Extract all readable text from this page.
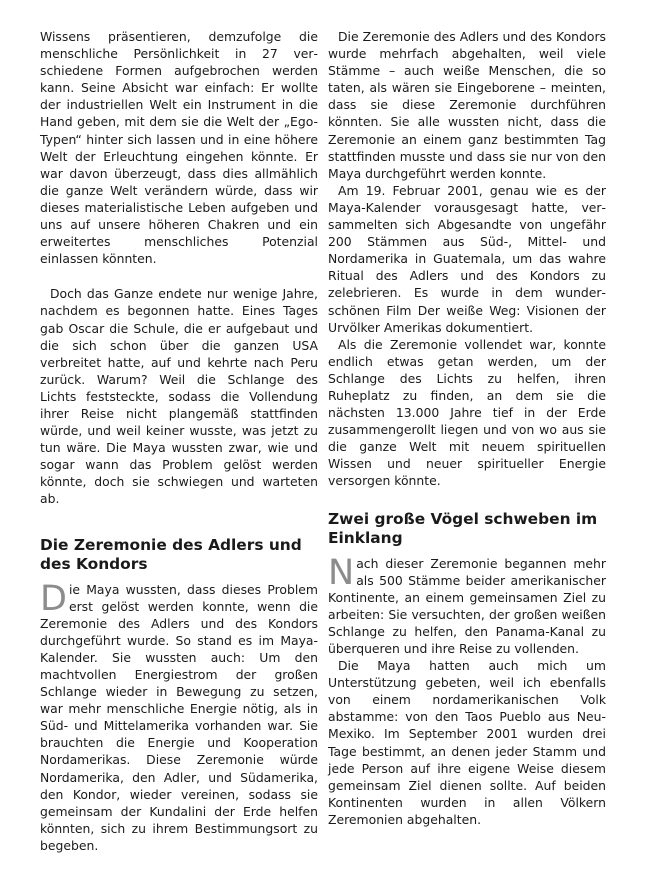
Wissens präsentieren, demzufolge die menschliche Persönlichkeit in 27 verschiedene Formen aufgebrochen werden kann. Seine Absicht war einfach: Er wollte der industriellen Welt ein Instrument in die Hand geben, mit dem sie die Welt der „Ego-Typen“ hinter sich lassen und in eine höhere Welt der Erleuchtung eingehen könnte. Er war davon überzeugt, dass dies allmählich die ganze Welt verändern würde, dass wir dieses materialistische Leben aufgeben und uns auf unsere höheren Chakren und ein erweitertes menschliches Potenzial einlassen könnten.

Doch das Ganze endete nur wenige Jahre, nachdem es begonnen hatte. Eines Tages gab Oscar die Schule, die er aufgebaut und die sich schon über die ganzen USA verbreitet hatte, auf und kehrte nach Peru zurück. Warum? Weil die Schlange des Lichts feststeckte, sodass die Vollendung ihrer Reise nicht plangemäß stattfinden würde, und weil keiner wusste, was jetzt zu tun wäre. Die Maya wussten zwar, wie und sogar wann das Problem gelöst werden könnte, doch sie schwiegen und warteten ab.

Die Zeremonie des Adlers und des Kondors

Die Maya wussten, dass dieses Problem erst gelöst werden konnte, wenn die Zeremonie des Adlers und des Kondors durchgeführt wurde. So stand es im Maya-Kalender. Sie wussten auch: Um den machtvollen Energiestrom der großen Schlange wieder in Bewegung zu setzen, war mehr menschliche Energie nötig, als in Süd- und Mittelamerika vorhanden war. Sie brauchten die Energie und Kooperation Nordamerikas. Diese Zeremonie würde Nordamerika, den Adler, und Südamerika, den Kondor, wieder vereinen, sodass sie gemeinsam der Kundalini der Erde helfen könnten, sich zu ihrem Bestimmungsort zu begeben.

Die Zeremonie des Adlers und des Kondors wurde mehrfach abgehalten, weil viele Stämme – auch weiße Menschen, die so taten, als wären sie Eingeborene – meinten, dass sie diese Zeremonie durchführen könnten. Sie alle wussten nicht, dass die Zeremonie an einem ganz bestimmten Tag stattfinden musste und dass sie nur von den Maya durchgeführt werden konnte.

Am 19. Februar 2001, genau wie es der Maya-Kalender vorausgesagt hatte, versammelten sich Abgesandte von ungefähr 200 Stämmen aus Süd-, Mittel- und Nordamerika in Guatemala, um das wahre Ritual des Adlers und des Kondors zu zelebrieren. Es wurde in dem wunderschönen Film Der weiße Weg: Visionen der Urvölker Amerikas dokumentiert.

Als die Zeremonie vollendet war, konnte endlich etwas getan werden, um der Schlange des Lichts zu helfen, ihren Ruheplatz zu finden, an dem sie die nächsten 13.000 Jahre tief in der Erde zusammengerollt liegen und von wo aus sie die ganze Welt mit neuem spirituellen Wissen und neuer spiritueller Energie versorgen könnte.

Zwei große Vögel schweben im Einklang

Nach dieser Zeremonie begannen mehr als 500 Stämme beider amerikanischer Kontinente, an einem gemeinsamen Ziel zu arbeiten: Sie versuchten, der großen weißen Schlange zu helfen, den Panama-Kanal zu überqueren und ihre Reise zu vollenden.

Die Maya hatten auch mich um Unterstützung gebeten, weil ich ebenfalls von einem nordamerikanischen Volk abstamme: von den Taos Pueblo aus Neu-Mexiko. Im September 2001 wurden drei Tage bestimmt, an denen jeder Stamm und jede Person auf ihre eigene Weise diesem gemeinsam Ziel dienen sollte. Auf beiden Kontinenten wurden in allen Völkern Zeremonien abgehalten.
